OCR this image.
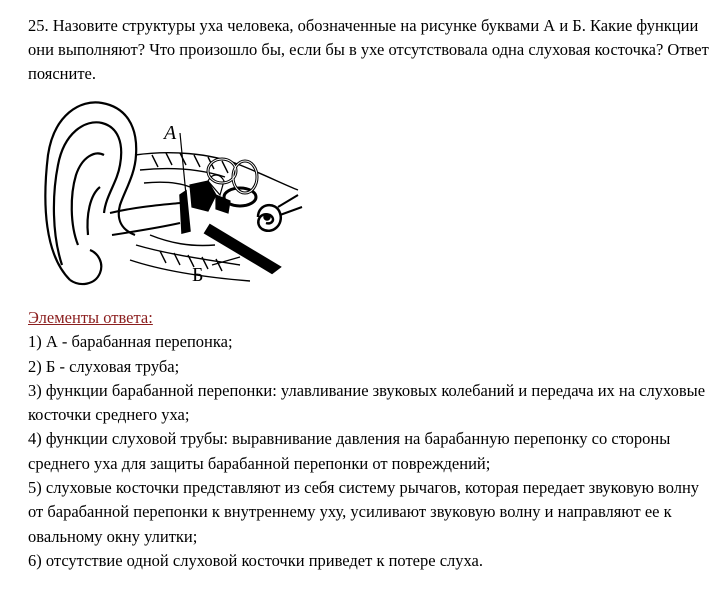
25. Назовите структуры уха человека, обозначенные на рисунке буквами А и Б. Какие функции они выполняют? Что произошло бы, если бы в ухе отсутствовала одна слуховая косточка? Ответ поясните.
А
Б

Элементы ответа:

1) А - барабанная перепонка;

2) Б - слуховая труба;

3) функции барабанной перепонки: улавливание звуковых колебаний и передача их на слуховые косточки среднего уха;

4) функции слуховой трубы: выравнивание давления на барабанную перепонку со стороны среднего уха для защиты барабанной перепонки от повреждений;

5) слуховые косточки представляют из себя систему рычагов, которая передает звуковую волну от барабанной перепонки к внутреннему уху, усиливают звуковую волну и направляют ее к овальному окну улитки;

6) отсутствие одной слуховой косточки приведет к потере слуха.
